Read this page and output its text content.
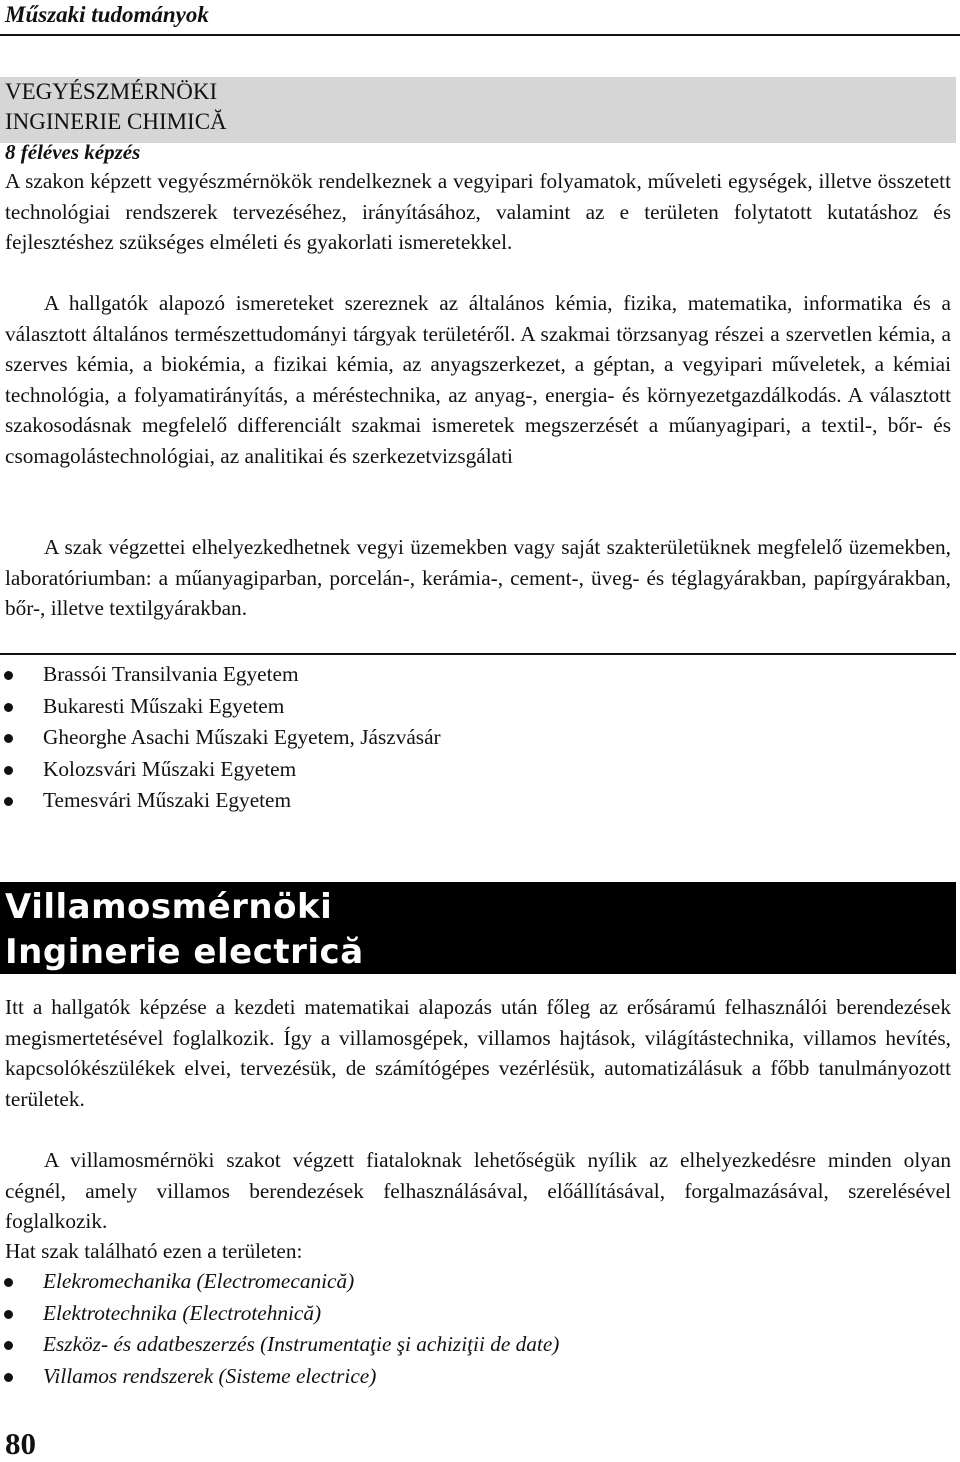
Műszaki tudományok
VEGYÉSZMÉRNÖKI
INGINERIE CHIMICĂ
8 féléves képzés

A szakon képzett vegyészmérnökök rendelkeznek a vegyipari folyamatok, műveleti egységek, illetve összetett technológiai rendszerek tervezéséhez, irányításához, valamint az e területen folytatott kutatáshoz és fejlesztéshez szükséges elméleti és gyakorlati ismeretekkel.

A hallgatók alapozó ismereteket szereznek az általános kémia, fizika, matematika, informatika és a választott általános természettudományi tárgyak területéről. A szakmai törzsanyag részei a szervetlen kémia, a szerves kémia, a biokémia, a fizikai kémia, az anyagszerkezet, a géptan, a vegyipari műveletek, a kémiai technológia, a folyamatirányítás, a méréstechnika, az anyag-, energia- és környezetgazdálkodás. A választott szakosodásnak megfelelő differenciált szakmai ismeretek megszerzését a műanyagipari, a textil-, bőr- és csomagolástechnológiai, az analitikai és szerkezetvizsgálati

A szak végzettei elhelyezkedhetnek vegyi üzemekben vagy saját szakterületüknek megfelelő üzemekben, laboratóriumban: a műanyagiparban, porcelán-, kerámia-, cement-, üveg- és téglagyárakban, papírgyárakban, bőr-, illetve textilgyárakban.

Brassói Transilvania Egyetem
Bukaresti Műszaki Egyetem
Gheorghe Asachi Műszaki Egyetem, Jászvásár
Kolozsvári Műszaki Egyetem
Temesvári Műszaki Egyetem
Villamosmérnöki
Inginerie electrică

Itt a hallgatók képzése a kezdeti matematikai alapozás után főleg az erősáramú felhasználói berendezések megismertetésével foglalkozik. Így a villamosgépek, villamos hajtások, világítástechnika, villamos hevítés, kapcsolókészülékek elvei, tervezésük, de számítógépes vezérlésük, automatizálásuk a főbb tanulmányozott területek.

A villamosmérnöki szakot végzett fiataloknak lehetőségük nyílik az elhelyezkedésre minden olyan cégnél, amely villamos berendezések felhasználásával, előállításával, forgalmazásával, szerelésével foglalkozik.

Hat szak található ezen a területen:

Elekromechanika (Electromecanică)
Elektrotechnika (Electrotehnică)
Eszköz- és adatbeszerzés (Instrumentaţie şi achiziţii de date)
Villamos rendszerek (Sisteme electrice)
80
